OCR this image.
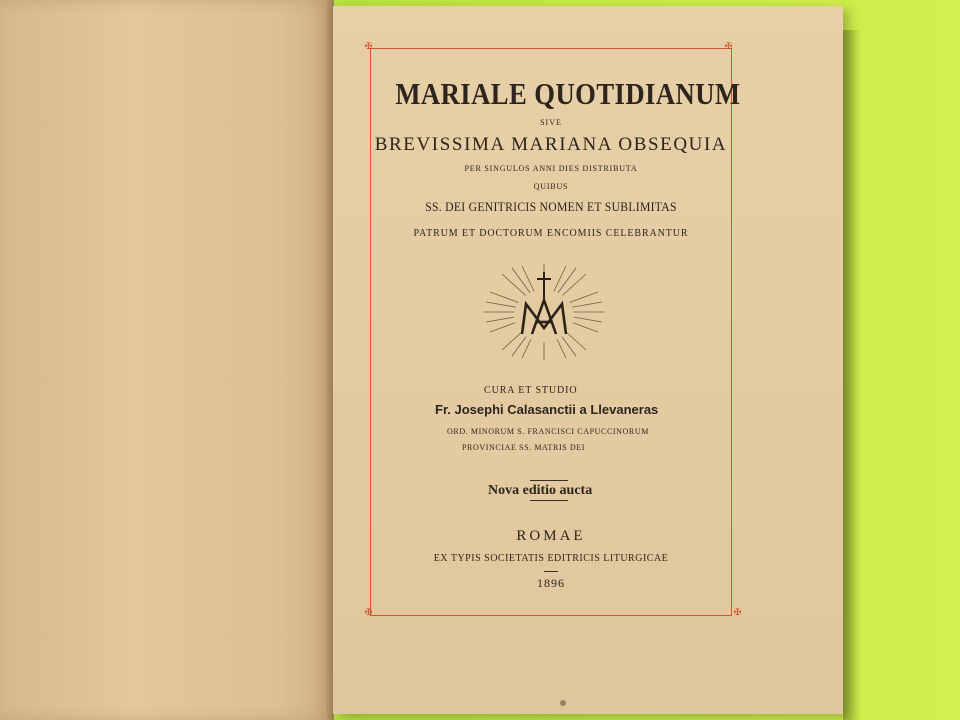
✠	✠
✠	✠
MARIALE QUOTIDIANUM
SIVE
BREVISSIMA MARIANA OBSEQUIA
PER SINGULOS ANNI DIES DISTRIBUTA
QUIBUS
SS. DEI GENITRICIS NOMEN ET SUBLIMITAS
PATRUM ET DOCTORUM ENCOMIIS CELEBRANTUR
CURA ET STUDIO
Fr. Josephi Calasanctii a Llevaneras
ORD. MINORUM S. FRANCISCI CAPUCCINORUM
PROVINCIAE SS. MATRIS DEI
Nova editio aucta
ROMAE
EX TYPIS SOCIETATIS EDITRICIS LITURGICAE
1896
